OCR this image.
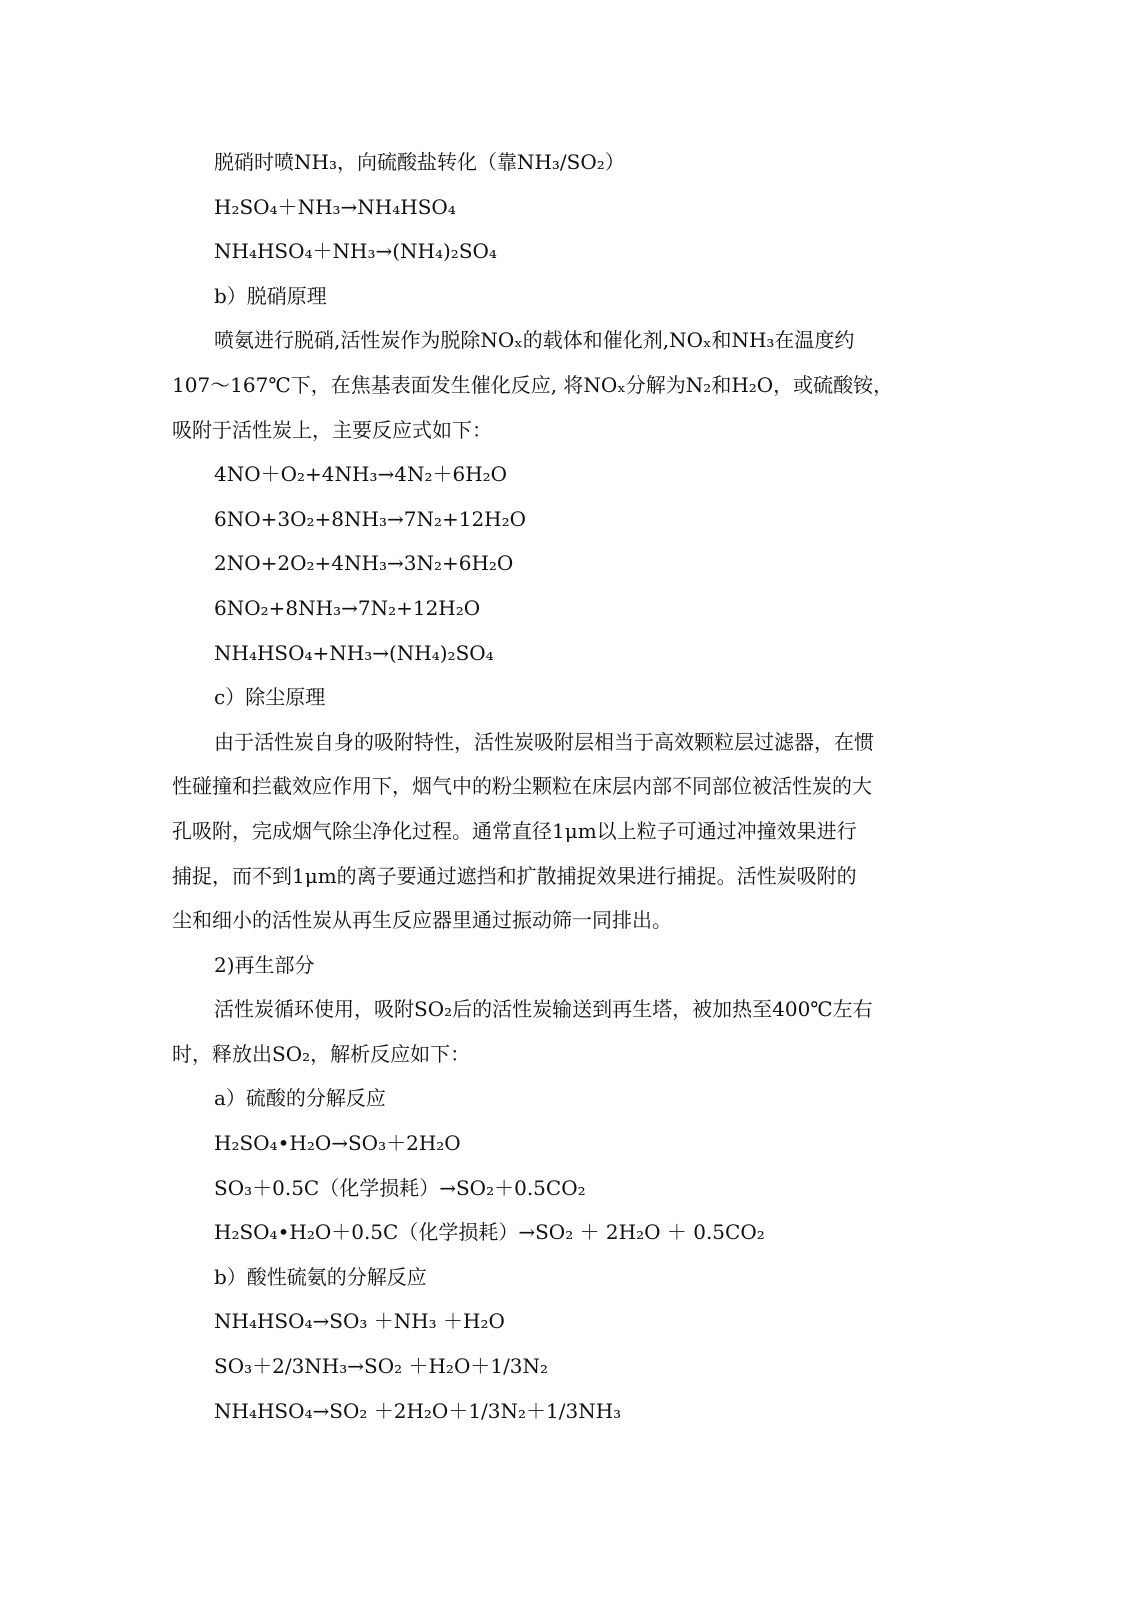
脱硝时喷NH₃，向硫酸盐转化（靠NH₃/SO₂）

H₂SO₄＋NH₃→NH₄HSO₄

NH₄HSO₄＋NH₃→(NH₄)₂SO₄

b）脱硝原理

喷氨进行脱硝,活性炭作为脱除NOₓ的载体和催化剂,NOₓ和NH₃在温度约
107～167℃下，在焦基表面发生催化反应, 将NOₓ分解为N₂和H₂O，或硫酸铵，
吸附于活性炭上，主要反应式如下：

4NO＋O₂+4NH₃→4N₂＋6H₂O

6NO+3O₂+8NH₃→7N₂+12H₂O

2NO+2O₂+4NH₃→3N₂+6H₂O

6NO₂+8NH₃→7N₂+12H₂O

NH₄HSO₄+NH₃→(NH₄)₂SO₄

c）除尘原理

由于活性炭自身的吸附特性，活性炭吸附层相当于高效颗粒层过滤器，在惯
性碰撞和拦截效应作用下，烟气中的粉尘颗粒在床层内部不同部位被活性炭的大
孔吸附，完成烟气除尘净化过程。通常直径1μm以上粒子可通过冲撞效果进行
捕捉，而不到1μm的离子要通过遮挡和扩散捕捉效果进行捕捉。活性炭吸附的
尘和细小的活性炭从再生反应器里通过振动筛一同排出。

2)再生部分

活性炭循环使用，吸附SO₂后的活性炭输送到再生塔，被加热至400℃左右
时，释放出SO₂，解析反应如下：

a）硫酸的分解反应

H₂SO₄•H₂O→SO₃＋2H₂O

SO₃＋0.5C（化学损耗）→SO₂＋0.5CO₂

H₂SO₄•H₂O＋0.5C（化学损耗）→SO₂ ＋ 2H₂O ＋ 0.5CO₂

b）酸性硫氨的分解反应

NH₄HSO₄→SO₃ ＋NH₃ ＋H₂O

SO₃＋2/3NH₃→SO₂ ＋H₂O＋1/3N₂

NH₄HSO₄→SO₂ ＋2H₂O＋1/3N₂＋1/3NH₃
